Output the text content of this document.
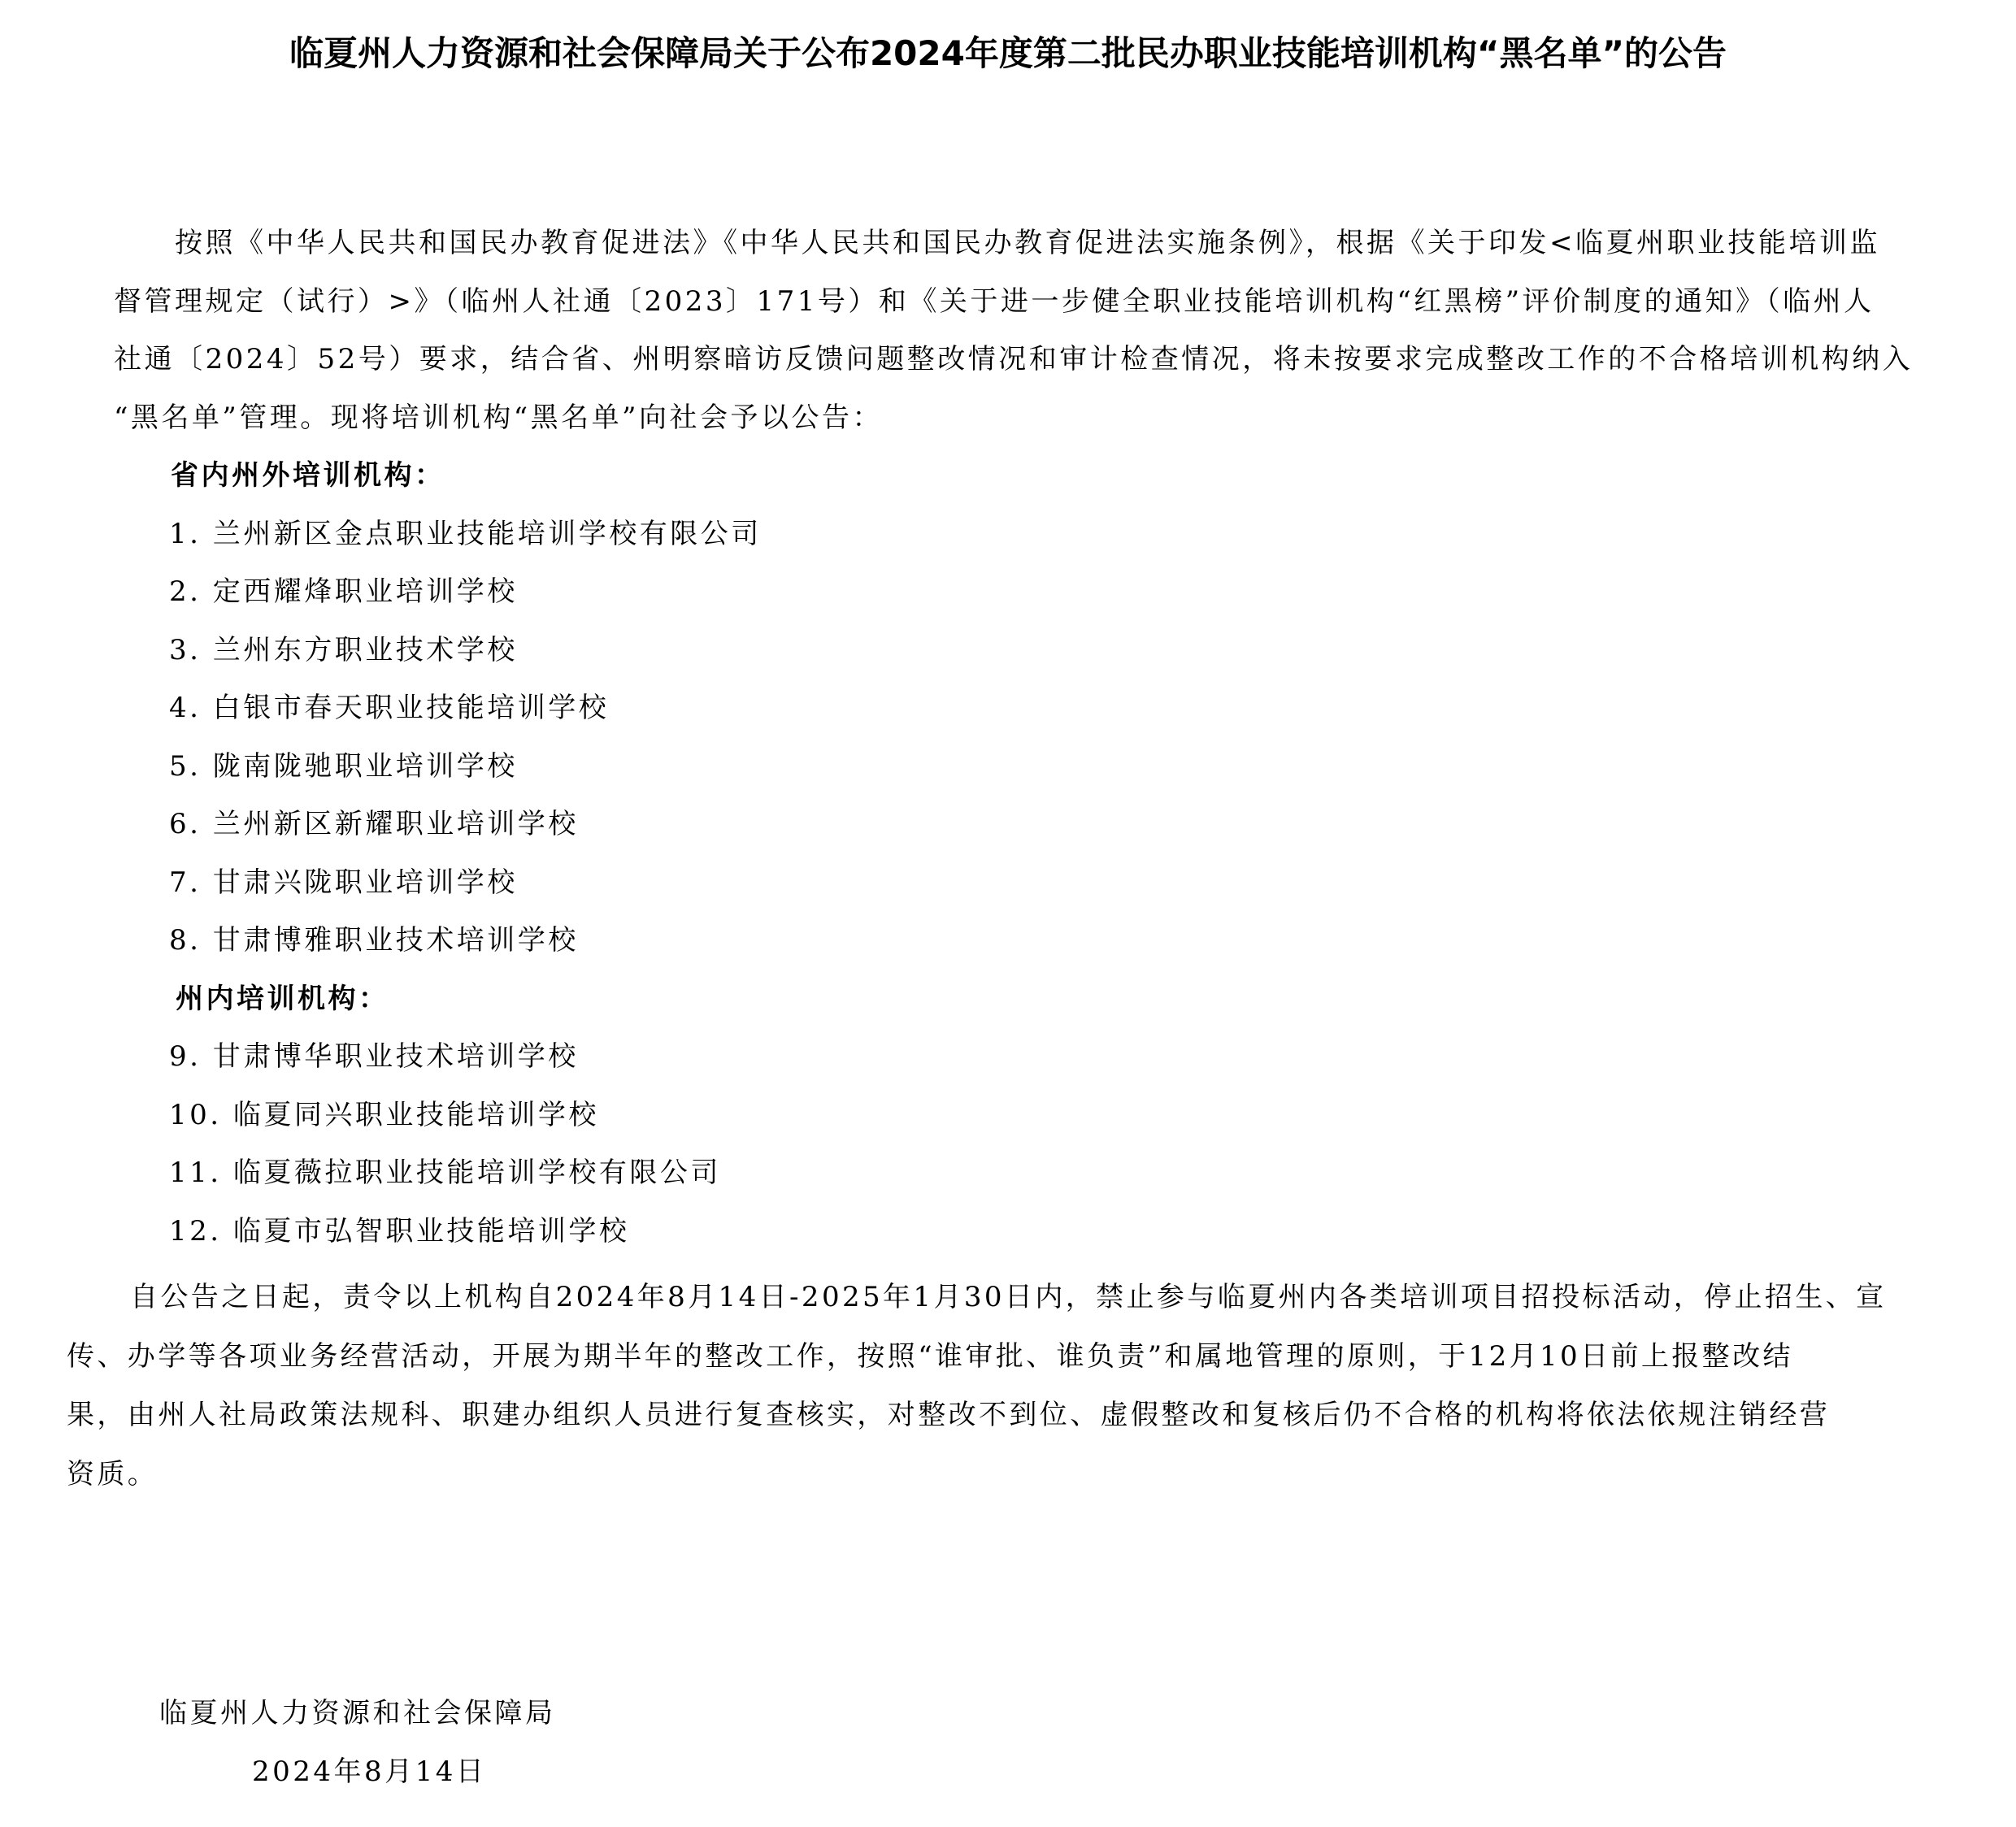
临夏州人力资源和社会保障局关于公布2024年度第二批民办职业技能培训机构“黑名单”的公告
按照《中华人民共和国民办教育促进法》《中华人民共和国民办教育促进法实施条例》，根据《关于印发<临夏州职业技能培训监
督管理规定（试行）>》（临州人社通〔2023〕171号）和《关于进一步健全职业技能培训机构“红黑榜”评价制度的通知》（临州人
社通〔2024〕52号）要求，结合省、州明察暗访反馈问题整改情况和审计检查情况，将未按要求完成整改工作的不合格培训机构纳入
“黑名单”管理。现将培训机构“黑名单”向社会予以公告：
省内州外培训机构：
1. 兰州新区金点职业技能培训学校有限公司
2. 定西耀烽职业培训学校
3. 兰州东方职业技术学校
4. 白银市春天职业技能培训学校
5. 陇南陇驰职业培训学校
6. 兰州新区新耀职业培训学校
7. 甘肃兴陇职业培训学校
8. 甘肃博雅职业技术培训学校
州内培训机构：
9. 甘肃博华职业技术培训学校
10. 临夏同兴职业技能培训学校
11. 临夏薇拉职业技能培训学校有限公司
12. 临夏市弘智职业技能培训学校
自公告之日起，责令以上机构自2024年8月14日-2025年1月30日内，禁止参与临夏州内各类培训项目招投标活动，停止招生、宣
传、办学等各项业务经营活动，开展为期半年的整改工作，按照“谁审批、谁负责”和属地管理的原则，于12月10日前上报整改结
果，由州人社局政策法规科、职建办组织人员进行复查核实，对整改不到位、虚假整改和复核后仍不合格的机构将依法依规注销经营
资质。
临夏州人力资源和社会保障局
2024年8月14日
